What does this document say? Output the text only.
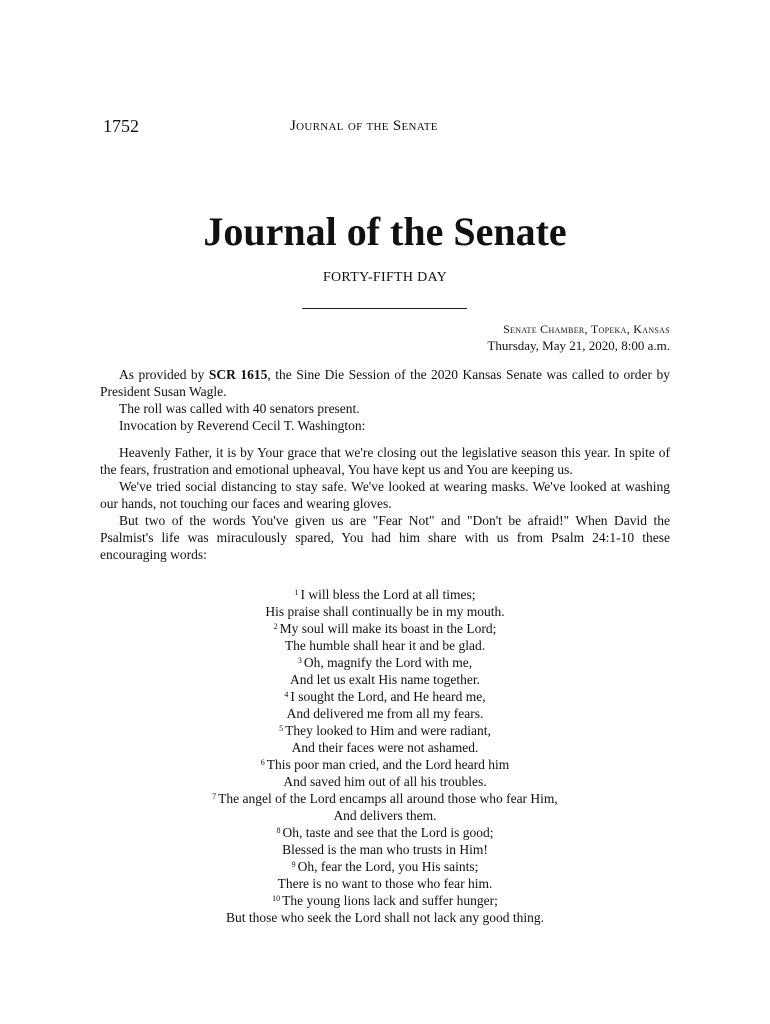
1752	Journal of the Senate
Journal of the Senate
FORTY-FIFTH DAY
Senate Chamber, Topeka, Kansas
Thursday, May 21, 2020, 8:00 a.m.

As provided by SCR 1615, the Sine Die Session of the 2020 Kansas Senate was called to order by President Susan Wagle.

The roll was called with 40 senators present.

Invocation by Reverend Cecil T. Washington:

Heavenly Father, it is by Your grace that we're closing out the legislative season this year. In spite of the fears, frustration and emotional upheaval, You have kept us and You are keeping us.

We've tried social distancing to stay safe. We've looked at wearing masks. We've looked at washing our hands, not touching our faces and wearing gloves.

But two of the words You've given us are "Fear Not" and "Don't be afraid!" When David the Psalmist's life was miraculously spared, You had him share with us from Psalm 24:1-10 these encouraging words:

$^1$ I will bless the Lord at all times;
His praise shall continually be in my mouth.
$^2$ My soul will make its boast in the Lord;
The humble shall hear it and be glad.
$^3$ Oh, magnify the Lord with me,
And let us exalt His name together.
$^4$ I sought the Lord, and He heard me,
And delivered me from all my fears.
$^5$ They looked to Him and were radiant,
And their faces were not ashamed.
$^6$ This poor man cried, and the Lord heard him
And saved him out of all his troubles.
$^7$ The angel of the Lord encamps all around those who fear Him,
And delivers them.
$^8$ Oh, taste and see that the Lord is good;
Blessed is the man who trusts in Him!
$^9$ Oh, fear the Lord, you His saints;
There is no want to those who fear him.
$^{10}$ The young lions lack and suffer hunger;
But those who seek the Lord shall not lack any good thing.
